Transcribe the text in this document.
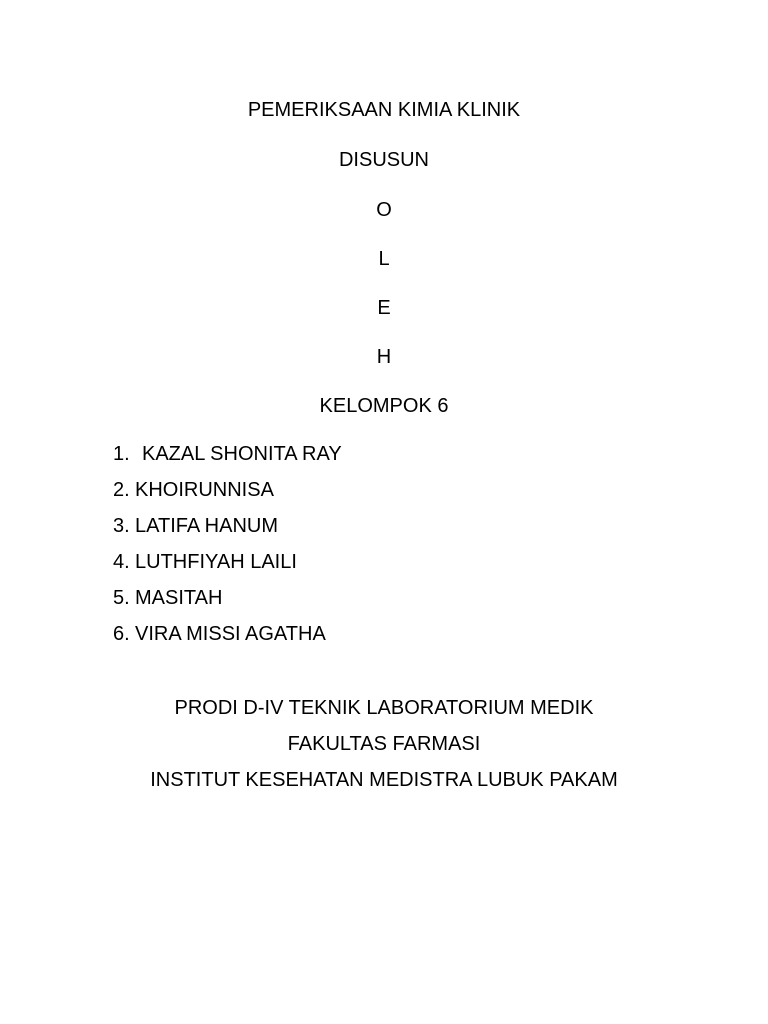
PEMERIKSAAN KIMIA KLINIK
DISUSUN
O
L
E
H
KELOMPOK 6
1. KAZAL SHONITA RAY
2. KHOIRUNNISA
3. LATIFA HANUM
4. LUTHFIYAH LAILI
5. MASITAH
6. VIRA MISSI AGATHA
PRODI D-IV TEKNIK LABORATORIUM MEDIK
FAKULTAS FARMASI
INSTITUT KESEHATAN MEDISTRA LUBUK PAKAM
